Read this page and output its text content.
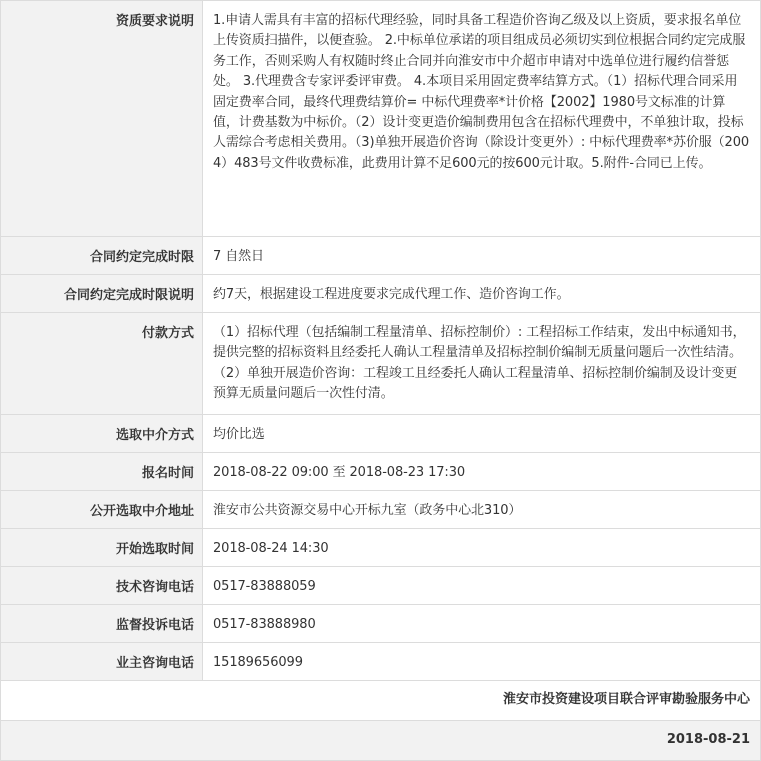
资质要求说明	1.申请人需具有丰富的招标代理经验，同时具备工程造价咨询乙级及以上资质，要求报名单位上传资质扫描件，以便查验。 2.中标单位承诺的项目组成员必须切实到位根据合同约定完成服务工作，否则采购人有权随时终止合同并向淮安市中介超市申请对中选单位进行履约信誉惩处。 3.代理费含专家评委评审费。 4.本项目采用固定费率结算方式。（1）招标代理合同采用固定费率合同，最终代理费结算价= 中标代理费率*计价格【2002】1980号文标准的计算值，计费基数为中标价。（2）设计变更造价编制费用包含在招标代理费中，不单独计取，投标人需综合考虑相关费用。（3)单独开展造价咨询（除设计变更外）: 中标代理费率*苏价服（2004）483号文件收费标准，此费用计算不足600元的按600元计取。5.附件-合同已上传。
合同约定完成时限	7 自然日
合同约定完成时限说明	约7天，根据建设工程进度要求完成代理工作、造价咨询工作。
付款方式	（1）招标代理（包括编制工程量清单、招标控制价）: 工程招标工作结束，发出中标通知书，提供完整的招标资料且经委托人确认工程量清单及招标控制价编制无质量问题后一次性结清。（2）单独开展造价咨询：工程竣工且经委托人确认工程量清单、招标控制价编制及设计变更预算无质量问题后一次性付清。
选取中介方式	均价比选
报名时间	2018-08-22 09:00 至 2018-08-23 17:30
公开选取中介地址	淮安市公共资源交易中心开标九室（政务中心北310）
开始选取时间	2018-08-24 14:30
技术咨询电话	0517-83888059
监督投诉电话	0517-83888980
业主咨询电话	15189656099
淮安市投资建设项目联合评审勘验服务中心
2018-08-21
